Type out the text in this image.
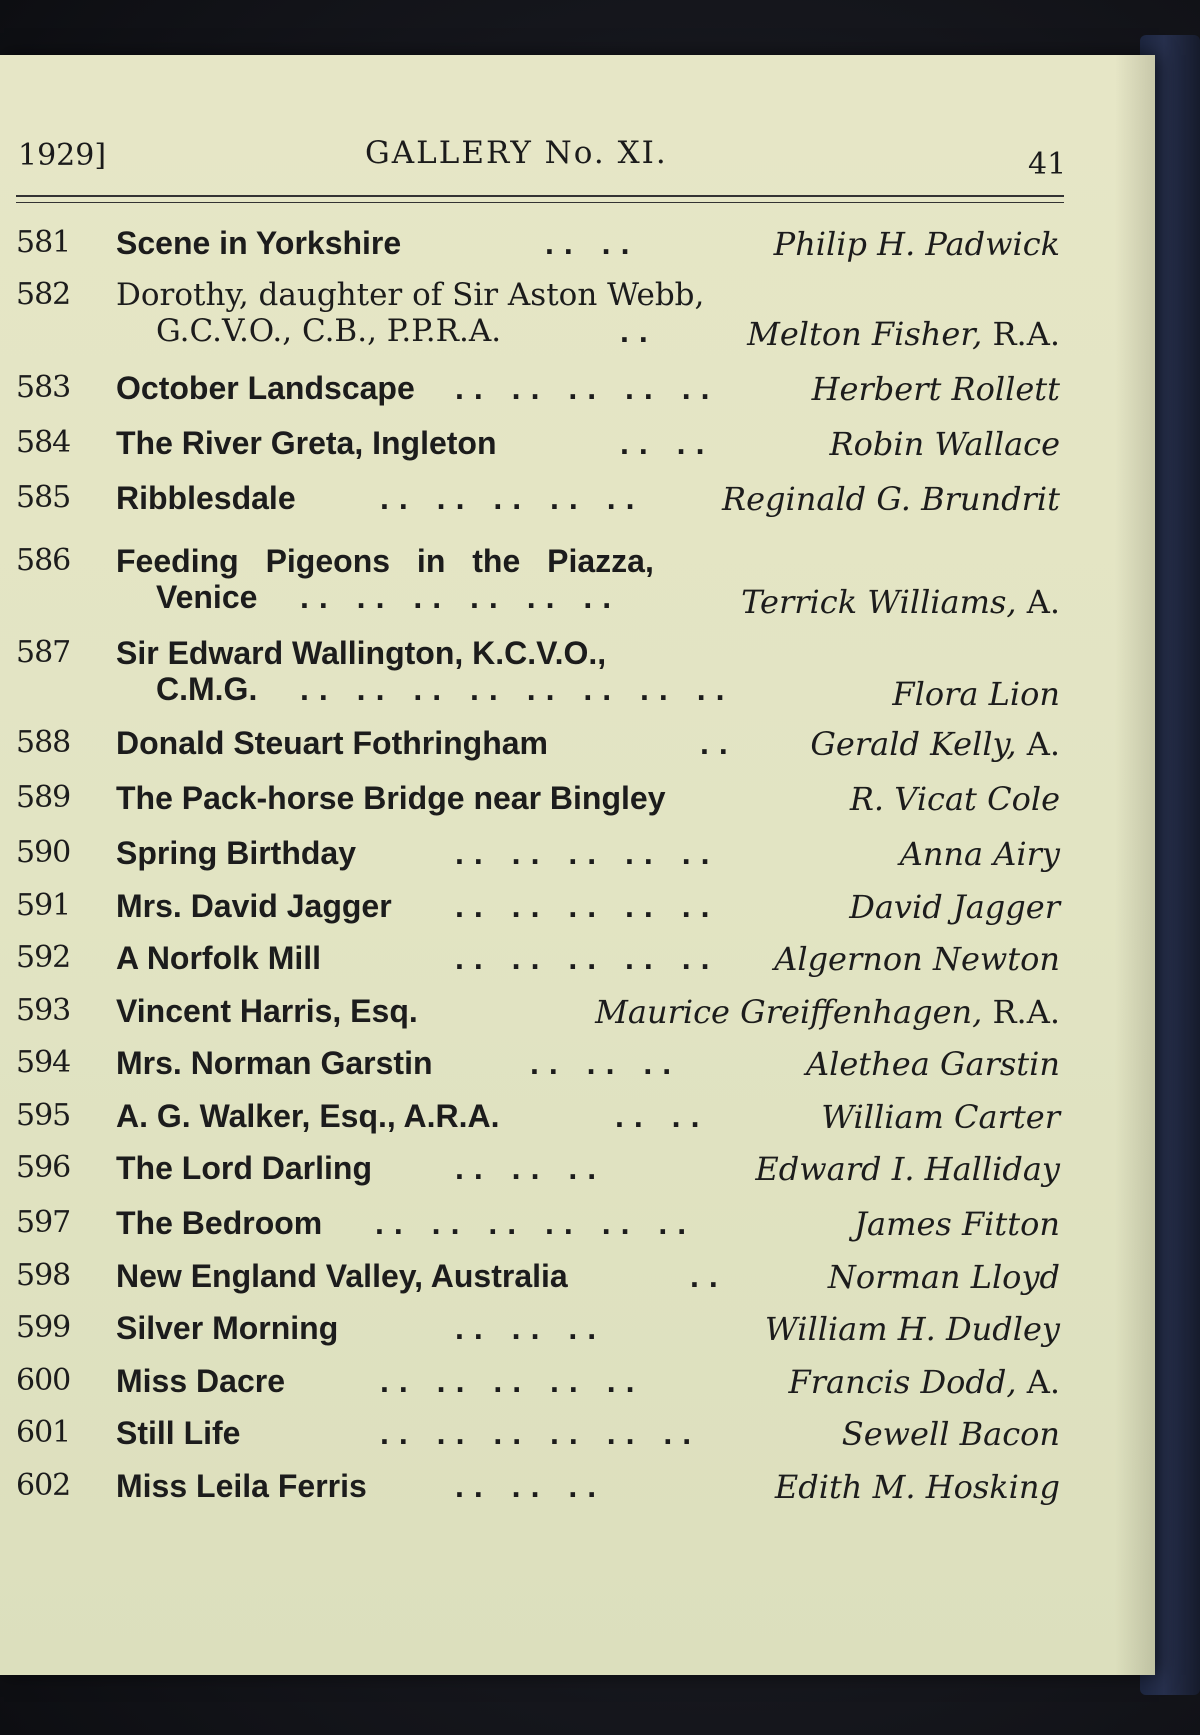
1929]	GALLERY No. XI.	41
581 Scene in Yorkshire	.. ..	Philip H. Padwick
582 Dorothy, daughter of Sir Aston Webb,
G.C.V.O., C.B., P.P.R.A.	..	Melton Fisher, R.A.
583 October Landscape .. .. .. .. ..	Herbert Rollett
584 The River Greta, Ingleton	.. ..	Robin Wallace
585 Ribblesdale	.. .. .. .. .. Reginald G. Brundrit
586 Feeding Pigeons in the Piazza,
Venice .. .. .. .. .. ..	Terrick Williams, A.
587 Sir Edward Wallington, K.C.V.O.,
C.M.G. .. .. .. .. .. .. .. ..	Flora Lion
588 Donald Steuart Fothringham	.. Gerald Kelly, A.
589 The Pack-horse Bridge near Bingley	R. Vicat Cole
590 Spring Birthday	.. .. .. .. ..	Anna Airy
591 Mrs. David Jagger .. .. .. .. ..	David Jagger
592 A Norfolk Mill	.. .. .. .. .. Algernon Newton
593 Vincent Harris, Esq.	Maurice Greiffenhagen, R.A.
594 Mrs. Norman Garstin	.. .. ..	Alethea Garstin
595 A. G. Walker, Esq., A.R.A.	.. ..	William Carter
596 The Lord Darling	.. .. ..	Edward I. Halliday
597 The Bedroom .. .. .. .. .. ..	James Fitton
598 New England Valley, Australia	..	Norman Lloyd
599 Silver Morning	.. .. ..	William H. Dudley
600 Miss Dacre	.. .. .. .. ..	Francis Dodd, A.
601 Still Life	.. .. .. .. .. ..	Sewell Bacon
602 Miss Leila Ferris	.. .. ..	Edith M. Hosking
